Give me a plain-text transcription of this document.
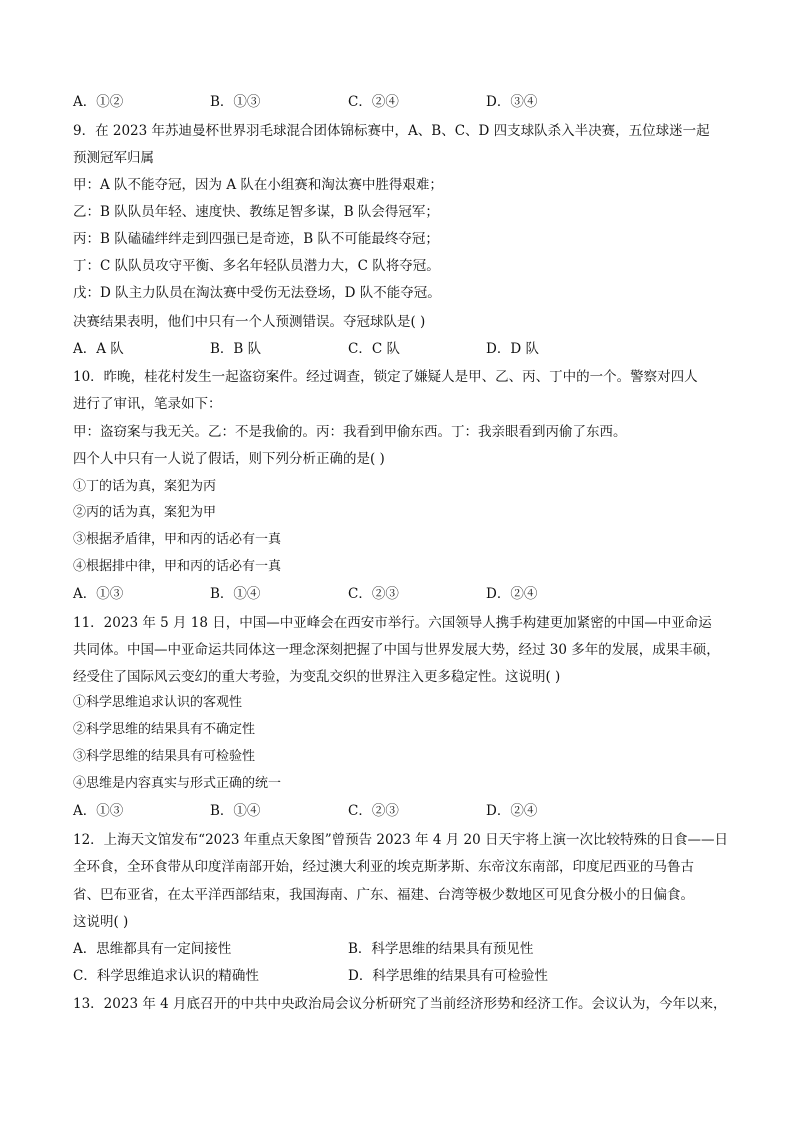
A．①②	B．①③	C．②④	D．③④
9．在 2023 年苏迪曼杯世界羽毛球混合团体锦标赛中，A、B、C、D 四支球队杀入半决赛，五位球迷一起
预测冠军归属
甲：A 队不能夺冠，因为 A 队在小组赛和淘汰赛中胜得艰难；
乙：B 队队员年轻、速度快、教练足智多谋，B 队会得冠军；
丙：B 队磕磕绊绊走到四强已是奇迹，B 队不可能最终夺冠；
丁：C 队队员攻守平衡、多名年轻队员潜力大，C 队将夺冠。
戊：D 队主力队员在淘汰赛中受伤无法登场，D 队不能夺冠。
决赛结果表明，他们中只有一个人预测错误。夺冠球队是( )
A．A 队	B．B 队	C．C 队	D．D 队
10．昨晚，桂花村发生一起盗窃案件。经过调查，锁定了嫌疑人是甲、乙、丙、丁中的一个。警察对四人
进行了审讯，笔录如下：
甲：盗窃案与我无关。乙：不是我偷的。丙：我看到甲偷东西。丁：我亲眼看到丙偷了东西。
四个人中只有一人说了假话，则下列分析正确的是( )
①丁的话为真，案犯为丙
②丙的话为真，案犯为甲
③根据矛盾律，甲和丙的话必有一真
④根据排中律，甲和丙的话必有一真
A．①③	B．①④	C．②③	D．②④
11．2023 年 5 月 18 日，中国—中亚峰会在西安市举行。六国领导人携手构建更加紧密的中国—中亚命运
共同体。中国—中亚命运共同体这一理念深刻把握了中国与世界发展大势，经过 30 多年的发展，成果丰硕，
经受住了国际风云变幻的重大考验，为变乱交织的世界注入更多稳定性。这说明( )
①科学思维追求认识的客观性
②科学思维的结果具有不确定性
③科学思维的结果具有可检验性
④思维是内容真实与形式正确的统一
A．①③	B．①④	C．②③	D．②④
12．上海天文馆发布“2023 年重点天象图”曾预告 2023 年 4 月 20 日天宇将上演一次比较特殊的日食——日
全环食，全环食带从印度洋南部开始，经过澳大利亚的埃克斯茅斯、东帝汶东南部，印度尼西亚的马鲁古
省、巴布亚省，在太平洋西部结束，我国海南、广东、福建、台湾等极少数地区可见食分极小的日偏食。
这说明( )
A．思维都具有一定间接性	B．科学思维的结果具有预见性
C．科学思维追求认识的精确性	D．科学思维的结果具有可检验性
13．2023 年 4 月底召开的中共中央政治局会议分析研究了当前经济形势和经济工作。会议认为，今年以来，
